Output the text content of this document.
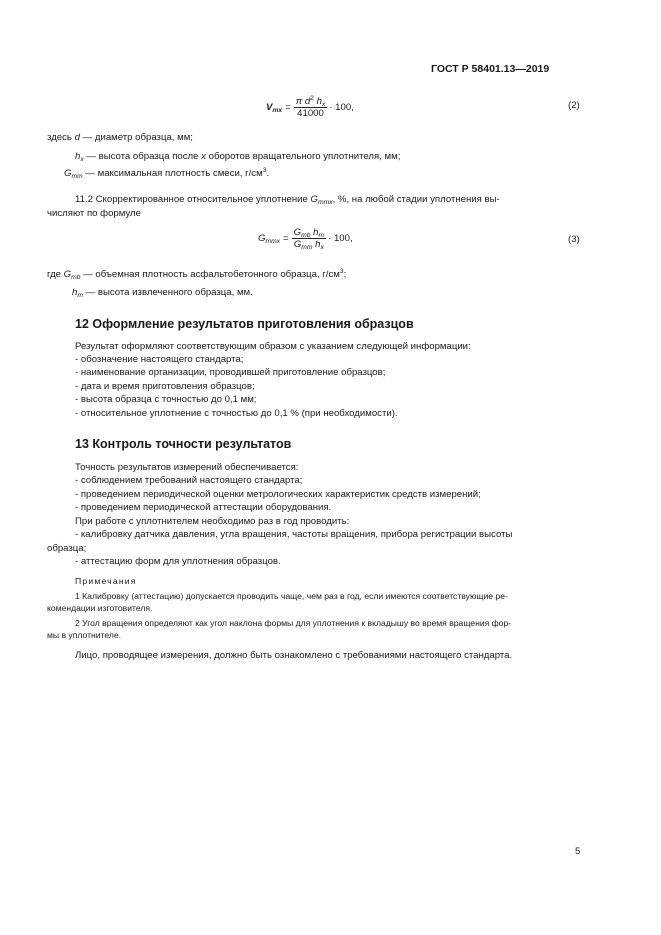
ГОСТ Р 58401.13—2019
$V_{mx} = \frac{\pi d^2 h_x}{41000} \cdot 100$,	(2)
здесь d — диаметр образца, мм;
$h_x$ — высота образца после x оборотов вращательного уплотнителя, мм;
$G_{mm}$ — максимальная плотность смеси, $г/см^3$.
11.2 Скорректированное относительное уплотнение $G_{mmx}$, %, на любой стадии уплотнения вы-
числяют по формуле
$G_{mmx} = \frac{G_{mb} h_m}{G_{mm} h_x} \cdot 100$,	(3)
где $G_{mb}$ — объемная плотность асфальтобетонного образца, $г/см^3$;
$h_m$ — высота извлеченного образца, мм.
12 Оформление результатов приготовления образцов
Результат оформляют соответствующим образом с указанием следующей информации:
- обозначение настоящего стандарта;
- наименование организации, проводившей приготовление образцов;
- дата и время приготовления образцов;
- высота образца с точностью до 0,1 мм;
- относительное уплотнение с точностью до 0,1 % (при необходимости).
13 Контроль точности результатов
Точность результатов измерений обеспечивается:
- соблюдением требований настоящего стандарта;
- проведением периодической оценки метрологических характеристик средств измерений;
- проведением периодической аттестации оборудования.
При работе с уплотнителем необходимо раз в год проводить:
- калибровку датчика давления, угла вращения, частоты вращения, прибора регистрации высоты
образца;
- аттестацию форм для уплотнения образцов.
Примечания
1 Калибровку (аттестацию) допускается проводить чаще, чем раз в год, если имеются соответствующие ре-
комендации изготовителя.
2 Угол вращения определяют как угол наклона формы для уплотнения к вкладышу во время вращения фор-
мы в уплотнителе.
Лицо, проводящее измерения, должно быть ознакомлено с требованиями настоящего стандарта.
5
